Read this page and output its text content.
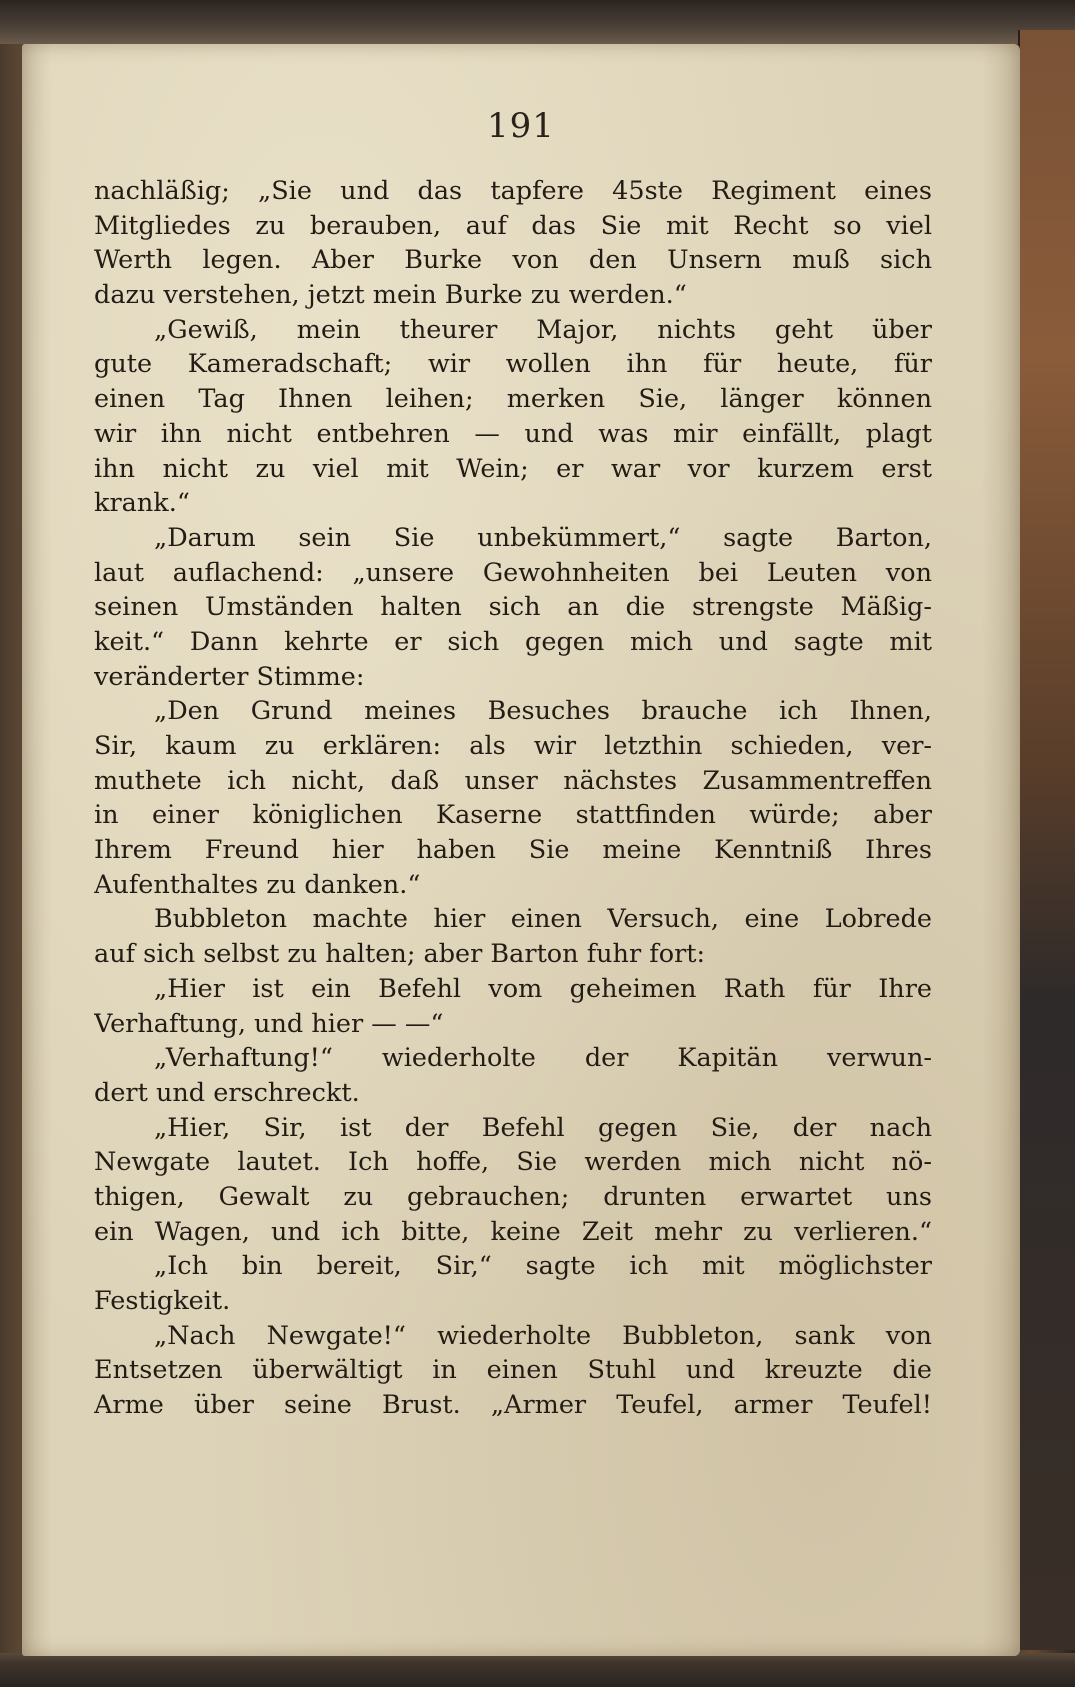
191
nachläßig; „Sie und das tapfere 45ste Regiment eines
Mitgliedes zu berauben, auf das Sie mit Recht so viel
Werth legen. Aber Burke von den Unsern muß sich
dazu verstehen, jetzt mein Burke zu werden.“
„Gewiß, mein theurer Major, nichts geht über
gute Kameradschaft; wir wollen ihn für heute, für
einen Tag Ihnen leihen; merken Sie, länger können
wir ihn nicht entbehren — und was mir einfällt, plagt
ihn nicht zu viel mit Wein; er war vor kurzem erst
krank.“
„Darum sein Sie unbekümmert,“ sagte Barton,
laut auflachend: „unsere Gewohnheiten bei Leuten von
seinen Umständen halten sich an die strengste Mäßig-
keit.“ Dann kehrte er sich gegen mich und sagte mit
veränderter Stimme:
„Den Grund meines Besuches brauche ich Ihnen,
Sir, kaum zu erklären: als wir letzthin schieden, ver-
muthete ich nicht, daß unser nächstes Zusammentreffen
in einer königlichen Kaserne stattfinden würde; aber
Ihrem Freund hier haben Sie meine Kenntniß Ihres
Aufenthaltes zu danken.“
Bubbleton machte hier einen Versuch, eine Lobrede
auf sich selbst zu halten; aber Barton fuhr fort:
„Hier ist ein Befehl vom geheimen Rath für Ihre
Verhaftung, und hier — —“
„Verhaftung!“ wiederholte der Kapitän verwun-
dert und erschreckt.
„Hier, Sir, ist der Befehl gegen Sie, der nach
Newgate lautet. Ich hoffe, Sie werden mich nicht nö-
thigen, Gewalt zu gebrauchen; drunten erwartet uns
ein Wagen, und ich bitte, keine Zeit mehr zu verlieren.“
„Ich bin bereit, Sir,“ sagte ich mit möglichster
Festigkeit.
„Nach Newgate!“ wiederholte Bubbleton, sank von
Entsetzen überwältigt in einen Stuhl und kreuzte die
Arme über seine Brust. „Armer Teufel, armer Teufel!
